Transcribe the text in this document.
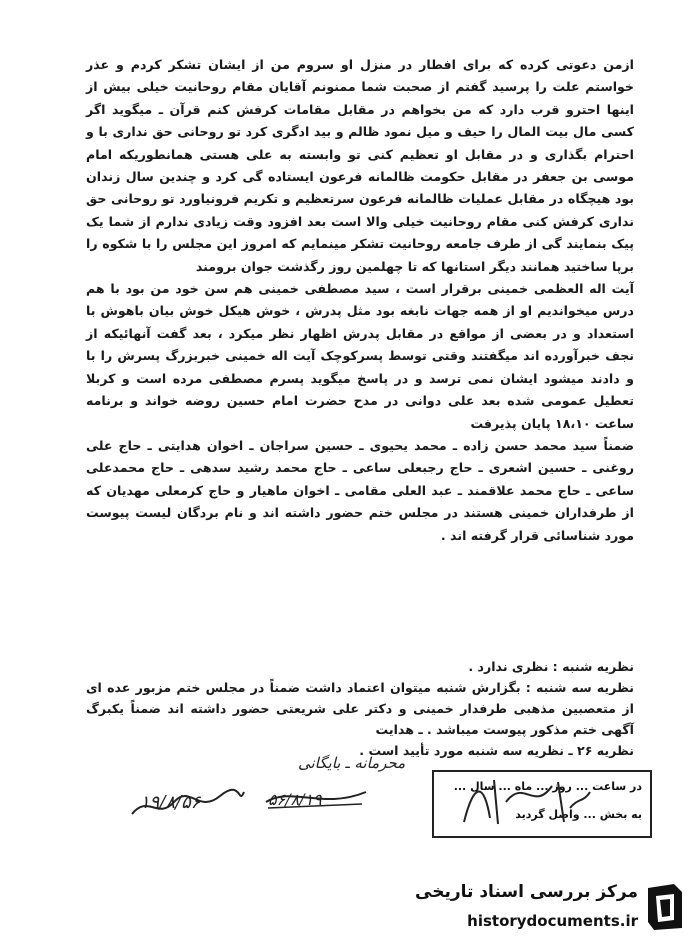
ازمن دعوتی کرده که برای افطار در منزل او سروم من از ایشان تشکر کردم و عذر خواستم علت را پرسید گفتم از صحبت شما ممنونم آقایان مقام روحانیت خیلی بیش از اینها احترو قرب دارد که من بخواهم در مقابل مقامات کرفش کنم قرآن ـ میگوید اگر کسی مال بیت المال را حیف و میل نمود ظالم و بید ادگری کرد تو روحانی حق نداری با و احترام بگذاری و در مقابل او تعظیم کنی تو وابسته به علی هستی همانطوریکه امام موسی بن جعفر در مقابل حکومت ظالمانه فرعون ایستاده گی کرد و چندین سال زندان بود هیچگاه در مقابل عملیات ظالمانه فرعون سرتعظیم و تکریم فرونیاورد تو روحانی حق نداری کرفش کنی مقام روحانیت خیلی والا است بعد افزود وقت زیادی ندارم از شما یک پیک بنمایند گی از طرف جامعه روحانیت تشکر مینمایم که امروز این مجلس را با شکوه را برپا ساختید همانند دیگر استانها که تا چهلمین روز رگذشت جوان برومند

آیت اله العظمی خمینی برقرار است ، سید مصطفی خمینی هم سن خود من بود با هم درس میخواندیم او از همه جهات نابغه بود مثل پدرش ، خوش هیکل خوش بیان باهوش با استعداد و در بعضی از مواقع در مقابل پدرش اظهار نظر میکرد ، بعد گفت آنهائیکه از نجف خبرآورده اند میگفتند وقتی توسط پسرکوچک آیت اله خمینی خبربزرگ پسرش را با و دادند میشود ایشان نمی ترسد و در پاسخ میگوید پسرم مصطفی مرده است و کربلا تعطیل عمومی شده بعد علی دوانی در مدح حضرت امام حسین روضه خواند و برنامه ساعت ۱۸،۱۰ پایان پذیرفت

ضمناً سید محمد حسن زاده ـ محمد یحیوی ـ حسین سراجان ـ اخوان هدایتی ـ حاج علی روغنی ـ حسین اشعری ـ حاج رجبعلی ساعی ـ حاج محمد رشید سدهی ـ حاج محمدعلی ساعی ـ حاج محمد علاقمند ـ عبد العلی مقامی ـ اخوان ماهیار و حاج کرمعلی مهدیان که از طرفداران خمینی هستند در مجلس ختم حضور داشته اند و نام بردگان لیست پیوست مورد شناسائی قرار گرفته اند .

نظریه شنبه : نظری ندارد .

نظریه سه شنبه : بگزارش شنبه میتوان اعتماد داشت ضمناً در مجلس ختم مزبور عده ای از متعصبین مذهبی طرفدار خمینی و دکتر علی شریعتی حضور داشته اند ضمناً یکبرگ آگهی ختم مذکور پیوست میباشد . ـ هدایت

نظریه ۲۶ ـ نظریه سه شنبه مورد تأیید است .

محرمانه ـ بایگانی
۱۹/۸/۵۶	۵۶/۸/۱۹
در ساعت ... روز ... ماه ... سال ...
به بخش ... واصل گردید
مرکز بررسی اسناد تاریخی
historydocuments.ir
